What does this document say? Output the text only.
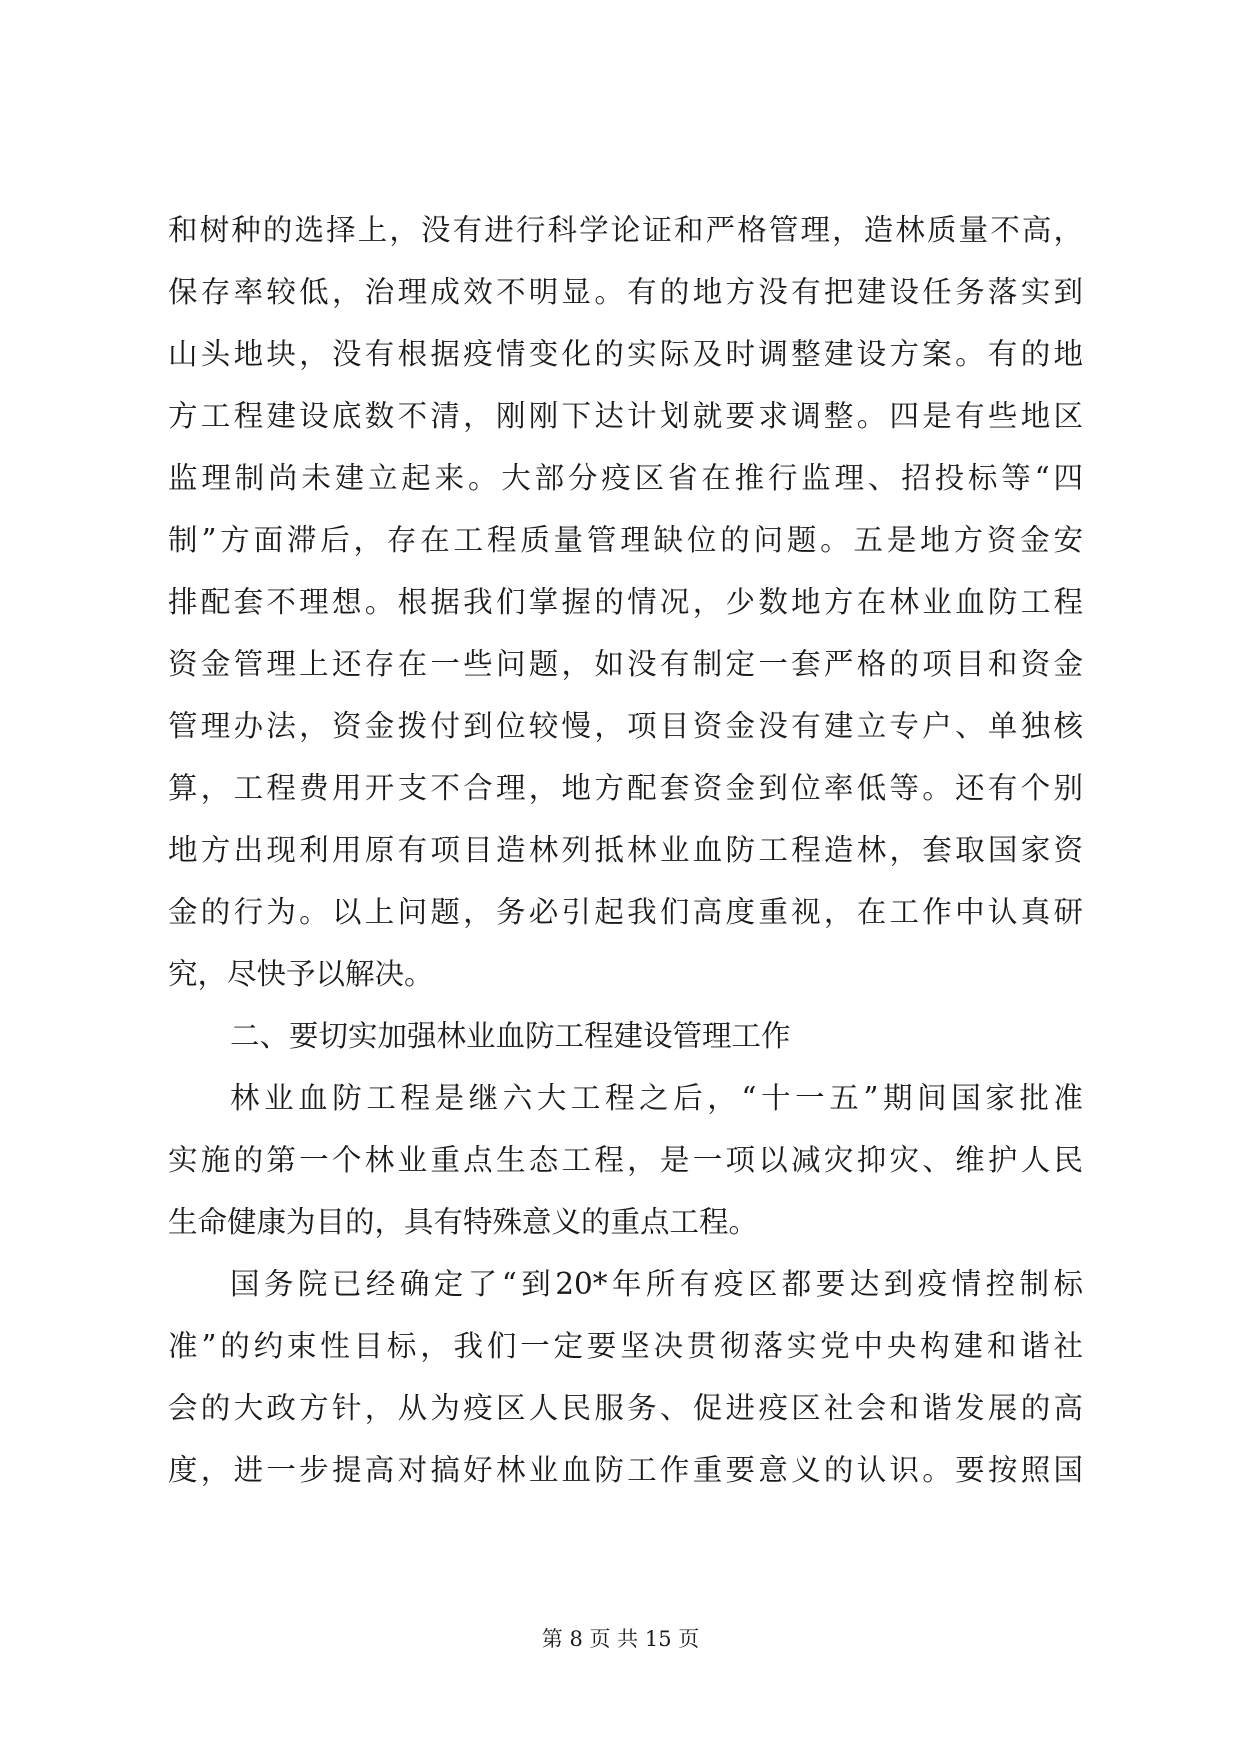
和树种的选择上，没有进行科学论证和严格管理，造林质量不高，
保存率较低，治理成效不明显。有的地方没有把建设任务落实到
山头地块，没有根据疫情变化的实际及时调整建设方案。有的地
方工程建设底数不清，刚刚下达计划就要求调整。四是有些地区
监理制尚未建立起来。大部分疫区省在推行监理、招投标等“四
制”方面滞后，存在工程质量管理缺位的问题。五是地方资金安
排配套不理想。根据我们掌握的情况，少数地方在林业血防工程
资金管理上还存在一些问题，如没有制定一套严格的项目和资金
管理办法，资金拨付到位较慢，项目资金没有建立专户、单独核
算，工程费用开支不合理，地方配套资金到位率低等。还有个别
地方出现利用原有项目造林列抵林业血防工程造林，套取国家资
金的行为。以上问题，务必引起我们高度重视，在工作中认真研
究，尽快予以解决。
二、要切实加强林业血防工程建设管理工作
林业血防工程是继六大工程之后，“十一五”期间国家批准
实施的第一个林业重点生态工程，是一项以减灾抑灾、维护人民
生命健康为目的，具有特殊意义的重点工程。
国务院已经确定了“到20*年所有疫区都要达到疫情控制标
准”的约束性目标，我们一定要坚决贯彻落实党中央构建和谐社
会的大政方针，从为疫区人民服务、促进疫区社会和谐发展的高
度，进一步提高对搞好林业血防工作重要意义的认识。要按照国
第 8 页 共 15 页
